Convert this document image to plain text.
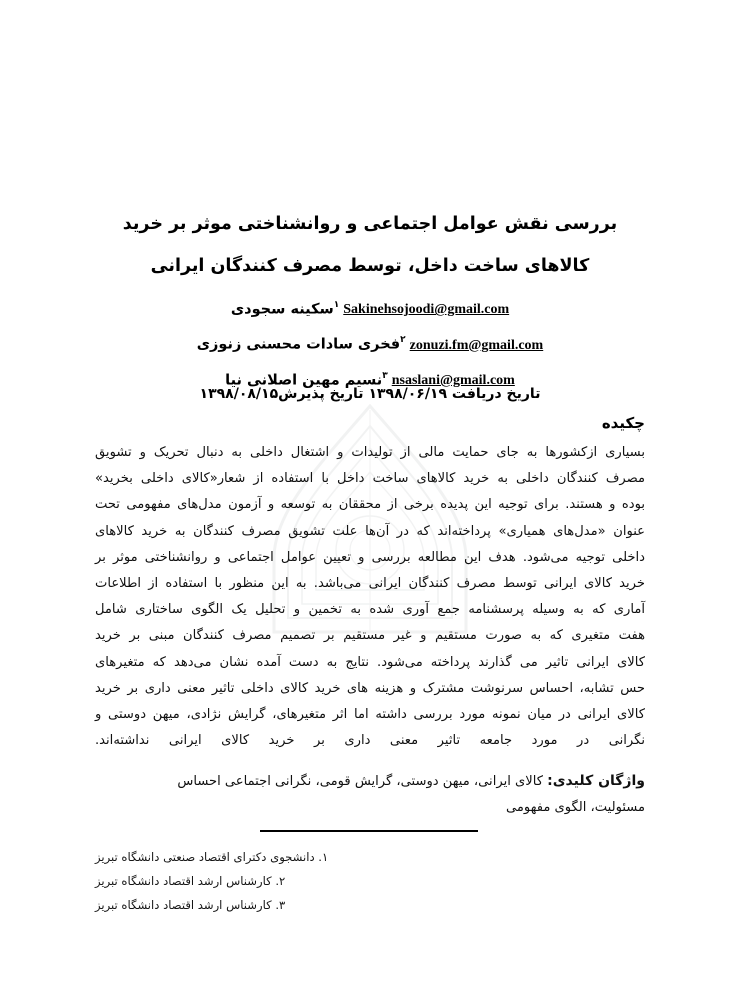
بررسی نقش عوامل اجتماعی و روانشناختی موثر بر خرید
کالاهای ساخت داخل، توسط مصرف کنندگان ایرانی
Sakinehsojoodi@gmail.com$^۱$سکینه سجودی
zonuzi.fm@gmail.com$^۲$فخری سادات محسنی زنوزی
nsaslani@gmail.com$^۳$نسیم مهین اصلانی نیا
تاریخ دریافت ۱۳۹۸/۰۶/۱۹ تاریخ پذیرش۱۳۹۸/۰۸/۱۵
چکیده
بسیاری ازکشورها به جای حمایت مالی از تولیدات و اشتغال داخلی به دنبال تحریک و تشویق
مصرف کنندگان داخلی به خرید کالاهای ساخت داخل با استفاده از شعار«کالای داخلی بخرید»
بوده و هستند. برای توجیه این پدیده برخی از محققان به توسعه و آزمون مدل‌های مفهومی تحت
عنوان «مدل‌های همیاری» پرداخته‌اند که در آن‌ها علت تشویق مصرف کنندگان به خرید کالاهای
داخلی توجیه می‌شود. هدف این مطالعه بررسی و تعیین عوامل اجتماعی و روانشناختی موثر بر
خرید کالای ایرانی توسط مصرف کنندگان ایرانی می‌باشد. به این منظور با استفاده از اطلاعات
آماری که به وسیله پرسشنامه جمع آوری شده به تخمین و تحلیل یک الگوی ساختاری شامل
هفت متغیری که به صورت مستقیم و غیر مستقیم بر تصمیم مصرف کنندگان مبنی بر خرید
کالای ایرانی تاثیر می گذارند پرداخته می‌شود. نتایج به دست آمده نشان می‌دهد که متغیرهای
حس تشابه، احساس سرنوشت مشترک و هزینه های خرید کالای داخلی تاثیر معنی داری بر خرید
کالای ایرانی در میان نمونه مورد بررسی داشته اما اثر متغیرهای، گرایش نژادی، میهن دوستی و
نگرانی در مورد جامعه تاثیر معنی داری بر خرید کالای ایرانی نداشته‌اند.
واژگان کلیدی: کالای ایرانی، میهن دوستی، گرایش قومی، نگرانی اجتماعی احساس
مسئولیت، الگوی مفهومی
۱. دانشجوی دکترای اقتصاد صنعتی دانشگاه تبریز
۲. کارشناس ارشد اقتصاد دانشگاه تبریز
۳. کارشناس ارشد اقتصاد دانشگاه تبریز
